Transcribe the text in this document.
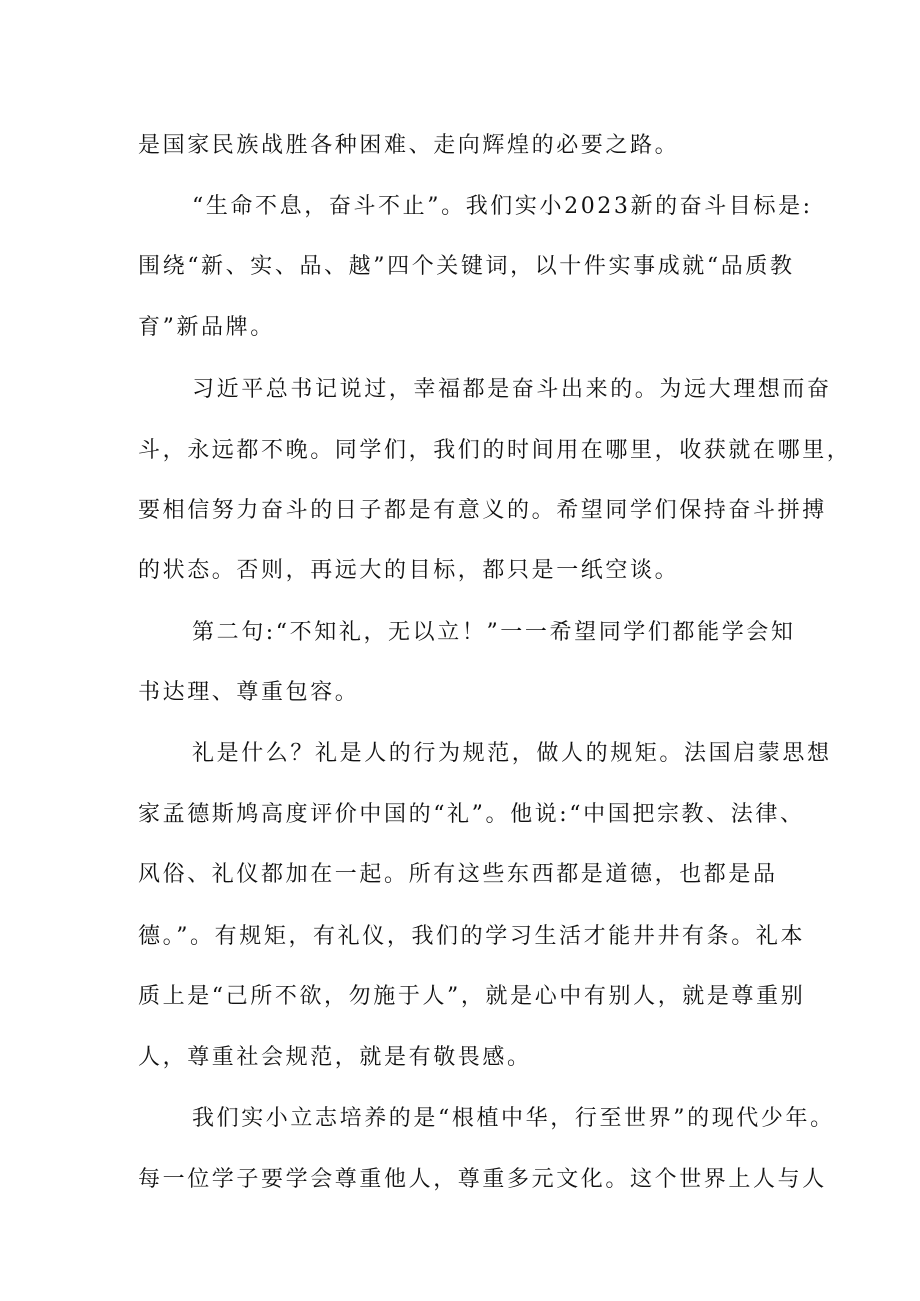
是国家民族战胜各种困难、走向辉煌的必要之路。
“生命不息，奋斗不止”。我们实小2023新的奋斗目标是:
围绕“新、实、品、越”四个关键词，以十件实事成就“品质教
育”新品牌。
习近平总书记说过，幸福都是奋斗出来的。为远大理想而奋
斗，永远都不晚。同学们，我们的时间用在哪里，收获就在哪里，
要相信努力奋斗的日子都是有意义的。希望同学们保持奋斗拼搏
的状态。否则，再远大的目标，都只是一纸空谈。
第二句:“不知礼，无以立！”一一希望同学们都能学会知
书达理、尊重包容。
礼是什么？礼是人的行为规范，做人的规矩。法国启蒙思想
家孟德斯鸠高度评价中国的“礼”。他说:“中国把宗教、法律、
风俗、礼仪都加在一起。所有这些东西都是道德，也都是品
德。”。有规矩，有礼仪，我们的学习生活才能井井有条。礼本
质上是“己所不欲，勿施于人”，就是心中有别人，就是尊重别
人，尊重社会规范，就是有敬畏感。
我们实小立志培养的是“根植中华，行至世界”的现代少年。
每一位学子要学会尊重他人，尊重多元文化。这个世界上人与人
